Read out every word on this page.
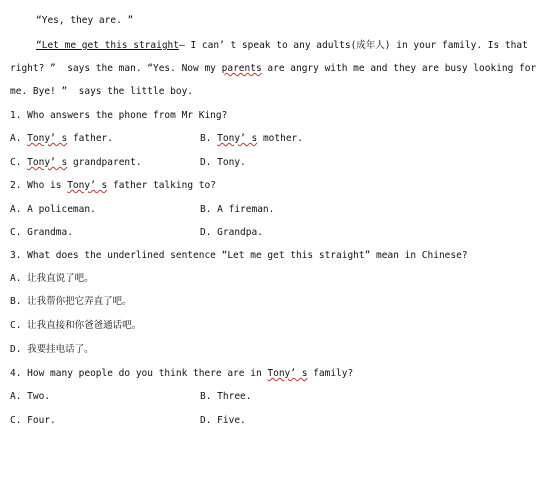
“Yes, they are. ”
“Let me get this straight— I can’ t speak to any adults(成年人) in your family. Is that
right? ”  says the man. “Yes. Now my parents are angry with me and they are busy looking for
me. Bye! ”  says the little boy.
1. Who answers the phone from Mr King?
A. Tony’ s father.	B. Tony’ s mother.
C. Tony’ s grandparent.	D. Tony.
2. Who is Tony’ s father talking to?
A. A policeman.	B. A fireman.
C. Grandma.	D. Grandpa.
3. What does the underlined sentence “Let me get this straight” mean in Chinese?
A. 让我直说了吧。
B. 让我帮你把它弄直了吧。
C. 让我直接和你爸爸通话吧。
D. 我要挂电话了。
4. How many people do you think there are in Tony’ s family?
A. Two.	B. Three.
C. Four.	D. Five.
